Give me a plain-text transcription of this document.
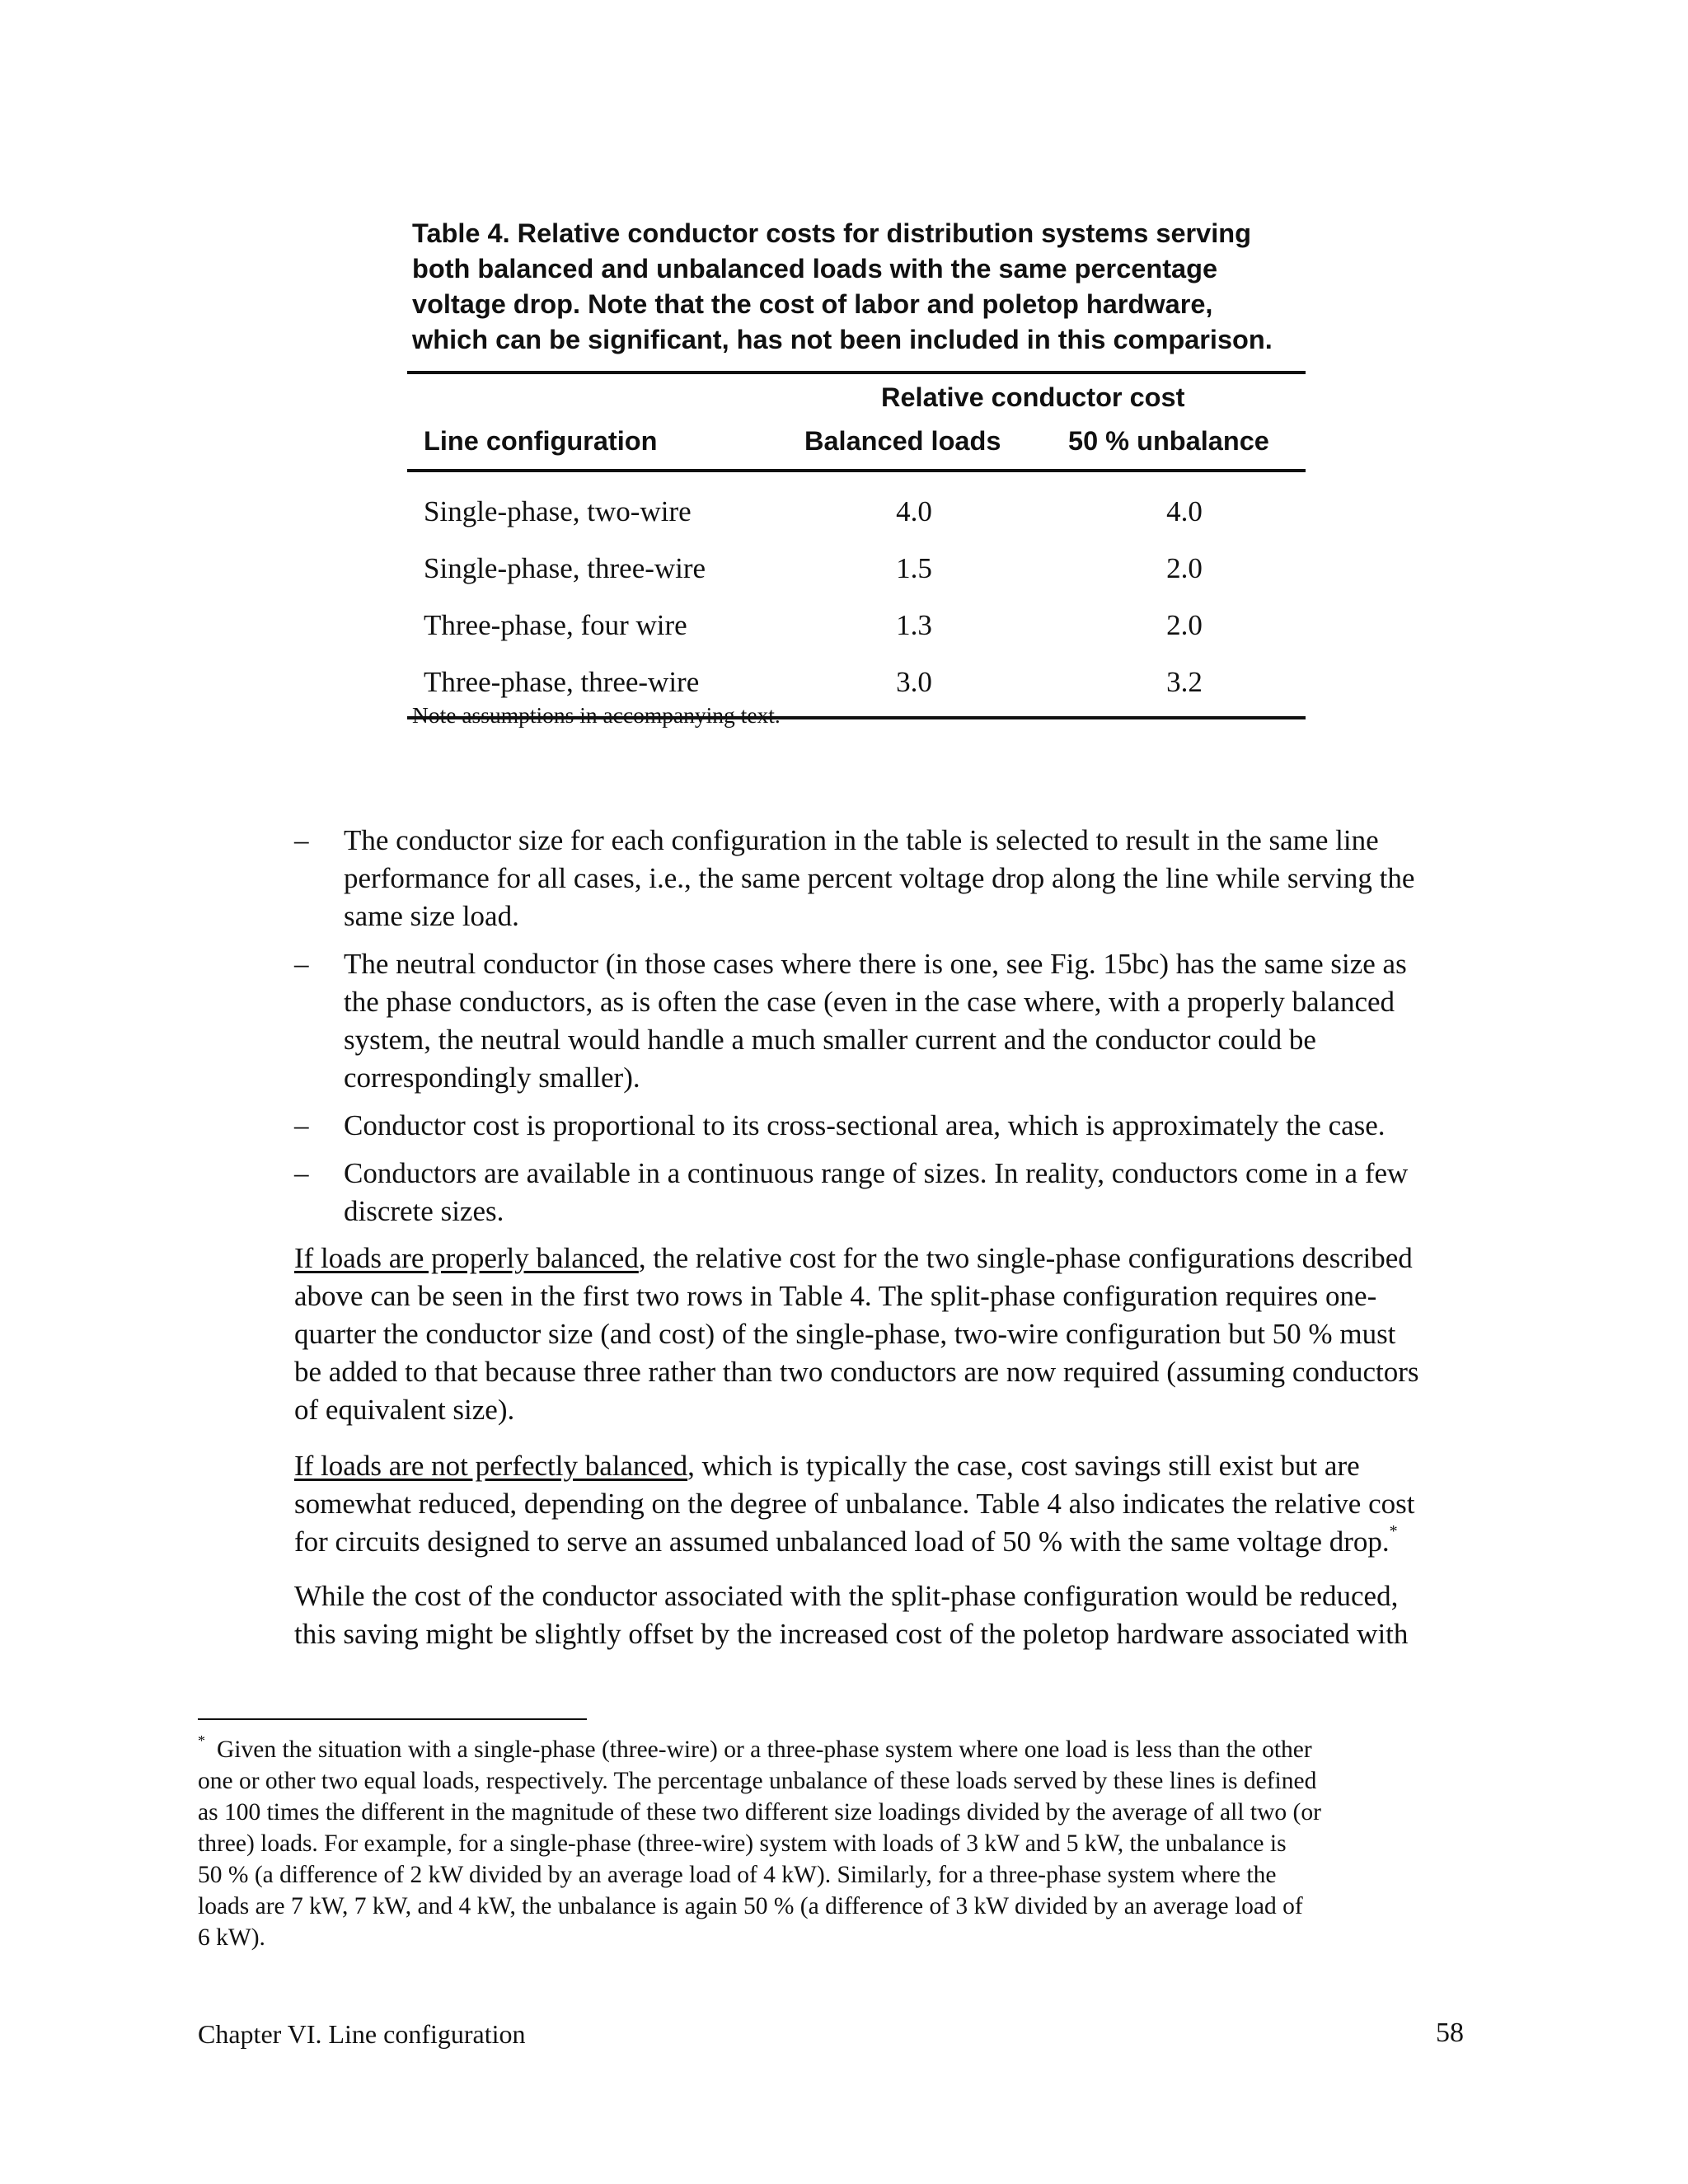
Table 4. Relative conductor costs for distribution systems serving
both balanced and unbalanced loads with the same percentage
voltage drop. Note that the cost of labor and poletop hardware,
which can be significant, has not been included in this comparison.
Relative conductor cost
Line configuration	Balanced loads	50 % unbalance
Single-phase, two-wire	4.0	4.0
Single-phase, three-wire	1.5	2.0
Three-phase, four wire	1.3	2.0
Three-phase, three-wire	3.0	3.2
Note assumptions in accompanying text.
– The conductor size for each configuration in the table is selected to result in the same line
performance for all cases, i.e., the same percent voltage drop along the line while serving the
same size load.
– The neutral conductor (in those cases where there is one, see Fig. 15bc) has the same size as
the phase conductors, as is often the case (even in the case where, with a properly balanced
system, the neutral would handle a much smaller current and the conductor could be
correspondingly smaller).
– Conductor cost is proportional to its cross-sectional area, which is approximately the case.
– Conductors are available in a continuous range of sizes. In reality, conductors come in a few
discrete sizes.
If loads are properly balanced, the relative cost for the two single-phase configurations described
above can be seen in the first two rows in Table 4. The split-phase configuration requires one-
quarter the conductor size (and cost) of the single-phase, two-wire configuration but 50 % must
be added to that because three rather than two conductors are now required (assuming conductors
of equivalent size).
If loads are not perfectly balanced, which is typically the case, cost savings still exist but are
somewhat reduced, depending on the degree of unbalance. Table 4 also indicates the relative cost
for circuits designed to serve an assumed unbalanced load of 50 % with the same voltage drop.*
While the cost of the conductor associated with the split-phase configuration would be reduced,
this saving might be slightly offset by the increased cost of the poletop hardware associated with
* Given the situation with a single-phase (three-wire) or a three-phase system where one load is less than the other
one or other two equal loads, respectively. The percentage unbalance of these loads served by these lines is defined
as 100 times the different in the magnitude of these two different size loadings divided by the average of all two (or
three) loads. For example, for a single-phase (three-wire) system with loads of 3 kW and 5 kW, the unbalance is
50 % (a difference of 2 kW divided by an average load of 4 kW). Similarly, for a three-phase system where the
loads are 7 kW, 7 kW, and 4 kW, the unbalance is again 50 % (a difference of 3 kW divided by an average load of
6 kW).
Chapter VI. Line configuration	58
